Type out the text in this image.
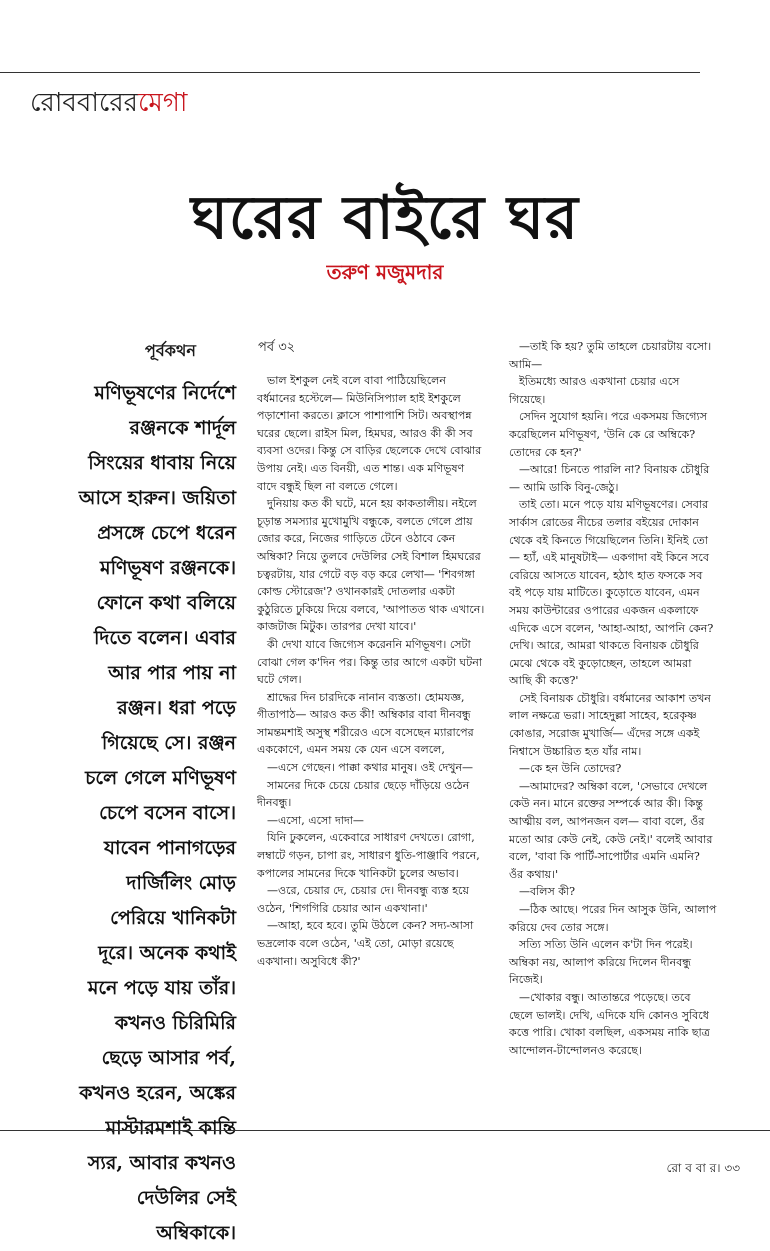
রোববারেরমেগা
ঘরের বাইরে ঘর
তরুণ মজুমদার
পূর্বকথন
মণিভূষণের নির্দেশে রঞ্জনকে শার্দূল সিংয়ের ধাবায় নিয়ে আসে হারুন। জয়িতা প্রসঙ্গে চেপে ধরেন মণিভূষণ রঞ্জনকে। ফোনে কথা বলিয়ে দিতে বলেন। এবার আর পার পায় না রঞ্জন। ধরা পড়ে গিয়েছে সে। রঞ্জন চলে গেলে মণিভূষণ চেপে বসেন বাসে। যাবেন পানাগড়ের দার্জিলিং মোড় পেরিয়ে খানিকটা দূরে। অনেক কথাই মনে পড়ে যায় তাঁর। কখনও চিরিমিরি ছেড়ে আসার পর্ব, কখনও হরেন, অঙ্কের মাস্টারমশাই কান্তি স্যর, আবার কখনও দেউলির সেই অম্বিকাকে।
পর্ব ৩২

ভাল ইশকুল নেই বলে বাবা পাঠিয়েছিলেন বর্ধমানের হস্টেলে— মিউনিসিপ্যাল হাই ইশকুলে পড়াশোনা করতে। ক্লাসে পাশাপাশি সিট। অবস্থাপন্ন ঘরের ছেলে। রাইস মিল, হিমঘর, আরও কী কী সব ব্যবসা ওদের। কিন্তু সে বাড়ির ছেলেকে দেখে বোঝার উপায় নেই। এত বিনয়ী, এত শান্ত। এক মণিভূষণ বাদে বন্ধুই ছিল না বলতে গেলে।

দুনিয়ায় কত কী ঘটে, মনে হয় কাকতালীয়। নইলে চূড়ান্ত সমস্যার মুখোমুখি বন্ধুকে, বলতে গেলে প্রায় জোর করে, নিজের গাড়িতে টেনে ওঠাবে কেন অম্বিকা? নিয়ে তুলবে দেউলির সেই বিশাল হিমঘরের চত্বরটায়, যার গেটে বড় বড় করে লেখা— 'শিবগঙ্গা কোল্ড স্টোরেজ'? ওখানকারই দোতলার একটা কুঠুরিতে ঢুকিয়ে দিয়ে বলবে, 'আপাতত থাক এখানে। কাজটাজ মিটুক। তারপর দেখা যাবে।'

কী দেখা যাবে জিগ্যেস করেননি মণিভূষণ। সেটা বোঝা গেল ক'দিন পর। কিন্তু তার আগে একটা ঘটনা ঘটে গেল।

শ্রাদ্ধের দিন চারদিকে নানান ব্যস্ততা। হোমযজ্ঞ, গীতাপাঠ— আরও কত কী! অম্বিকার বাবা দীনবন্ধু সামন্তমশাই অসুস্থ শরীরেও এসে বসেছেন ম্যারাপের এককোণে, এমন সময় কে যেন এসে বললে,

—এসে গেছেন। পাক্কা কথার মানুষ। ওই দেখুন—

সামনের দিকে চেয়ে চেয়ার ছেড়ে দাঁড়িয়ে ওঠেন দীনবন্ধু।

—এসো, এসো দাদা—

যিনি ঢুকলেন, একেবারে সাধারণ দেখতে। রোগা, লম্বাটে গড়ন, চাপা রং, সাধারণ ধুতি-পাঞ্জাবি পরনে, কপালের সামনের দিকে খানিকটা চুলের অভাব।

—ওরে, চেয়ার দে, চেয়ার দে। দীনবন্ধু ব্যস্ত হয়ে ওঠেন, 'শিগগিরি চেয়ার আন একখানা।'

—আহা, হবে হবে। তুমি উঠলে কেন? সদ্য-আসা ভদ্রলোক বলে ওঠেন, 'এই তো, মোড়া রয়েছে একখানা। অসুবিধে কী?'

—তাই কি হয়? তুমি তাহলে চেয়ারটায় বসো। আমি—

ইতিমধ্যে আরও একখানা চেয়ার এসে গিয়েছে।

সেদিন সুযোগ হয়নি। পরে একসময় জিগ্যেস করেছিলেন মণিভূষণ, 'উনি কে রে অম্বিকে? তোদের কে হন?'

—আরে! চিনতে পারলি না? বিনায়ক চৌধুরি— আমি ডাকি বিনু-জেঠু।

তাই তো। মনে পড়ে যায় মণিভূষণের। সেবার সার্কাস রোডের নীচের তলার বইয়ের দোকান থেকে বই কিনতে গিয়েছিলেন তিনি। ইনিই তো— হ্যাঁ, এই মানুষটাই— একগাদা বই কিনে সবে বেরিয়ে আসতে যাবেন, হঠাৎ হাত ফসকে সব বই পড়ে যায় মাটিতে। কুড়োতে যাবেন, এমন সময় কাউন্টারের ওপারের একজন একলাফে এদিকে এসে বলেন, 'আহা-আহা, আপনি কেন? দেখি। আরে, আমরা থাকতে বিনায়ক চৌধুরি মেঝে থেকে বই কুড়োচ্ছেন, তাহলে আমরা আছি কী কত্তে?'

সেই বিনায়ক চৌধুরি। বর্ধমানের আকাশ তখন লাল নক্ষত্রে ভরা। সাহেদুল্লা সাহেব, হরেকৃষ্ণ কোঙার, সরোজ মুখার্জি— এঁদের সঙ্গে একই নিশ্বাসে উচ্চারিত হত যাঁর নাম।

—কে হন উনি তোদের?

—আমাদের? অম্বিকা বলে, 'সেভাবে দেখলে কেউ নন। মানে রক্তের সম্পর্কে আর কী। কিন্তু আত্মীয় বল, আপনজন বল— বাবা বলে, ওঁর মতো আর কেউ নেই, কেউ নেই।' বলেই আবার বলে, 'বাবা কি পার্টি-সাপোর্টার এমনি এমনি? ওঁর কথায়।'

—বলিস কী?

—ঠিক আছে। পরের দিন আসুক উনি, আলাপ করিয়ে দেব তোর সঙ্গে।

সত্যি সত্যি উনি এলেন ক'টা দিন পরেই। অম্বিকা নয়, আলাপ করিয়ে দিলেন দীনবন্ধু নিজেই।

—খোকার বন্ধু। আতান্তরে পড়েছে। তবে ছেলে ভালই। দেখি, এদিকে যদি কোনও সুবিধে কত্তে পারি। খোকা বলছিল, একসময় নাকি ছাত্র আন্দোলন-টান্দোলনও করেছে।

রো ব বা র। ৩৩
